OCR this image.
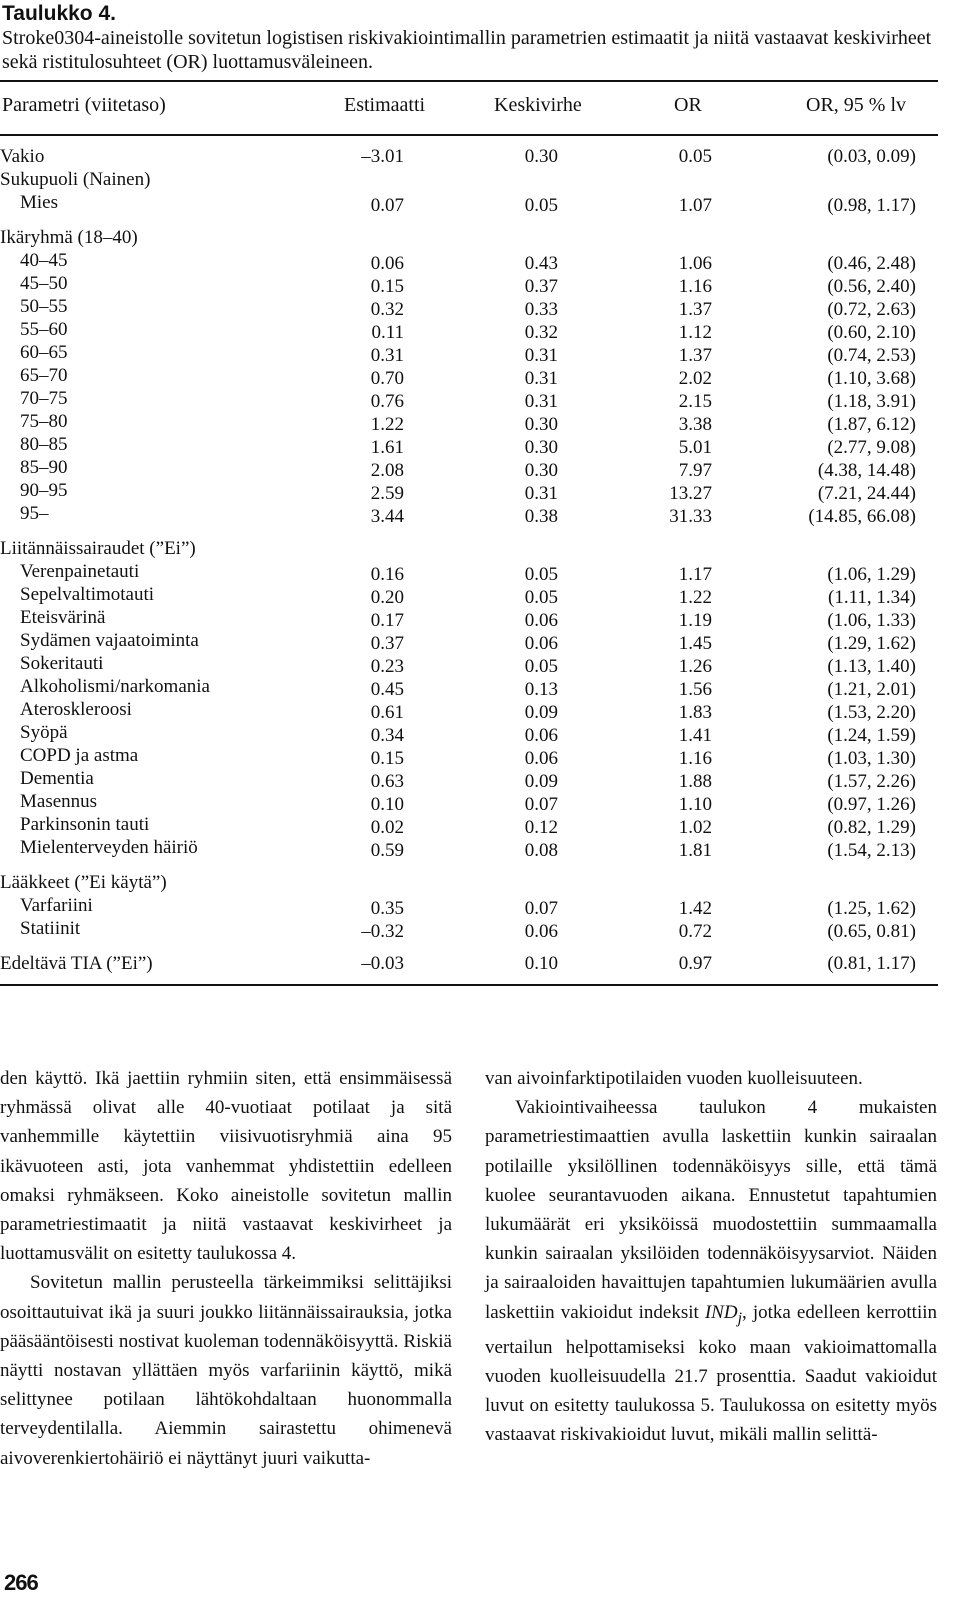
Taulukko 4.
Stroke0304-aineistolle sovitetun logistisen riskivakiointimallin parametrien estimaatit ja niitä vastaavat keskivirheet sekä ristitulosuhteet (OR) luottamusväleineen.
Parametri (viitetaso)	Estimaatti	Keskivirhe	OR	OR, 95 % lv
Vakio	–3.01	0.30	0.05	(0.03, 0.09)
Sukupuoli (Nainen)
Mies	0.07	0.05	1.07	(0.98, 1.17)
Ikäryhmä (18–40)
40–45	0.06	0.43	1.06	(0.46, 2.48)
45–50	0.15	0.37	1.16	(0.56, 2.40)
50–55	0.32	0.33	1.37	(0.72, 2.63)
55–60	0.11	0.32	1.12	(0.60, 2.10)
60–65	0.31	0.31	1.37	(0.74, 2.53)
65–70	0.70	0.31	2.02	(1.10, 3.68)
70–75	0.76	0.31	2.15	(1.18, 3.91)
75–80	1.22	0.30	3.38	(1.87, 6.12)
80–85	1.61	0.30	5.01	(2.77, 9.08)
85–90	2.08	0.30	7.97	(4.38, 14.48)
90–95	2.59	0.31	13.27	(7.21, 24.44)
95–	3.44	0.38	31.33	(14.85, 66.08)
Liitännäissairaudet (”Ei”)
Verenpainetauti	0.16	0.05	1.17	(1.06, 1.29)
Sepelvaltimotauti	0.20	0.05	1.22	(1.11, 1.34)
Eteisvärinä	0.17	0.06	1.19	(1.06, 1.33)
Sydämen vajaatoiminta	0.37	0.06	1.45	(1.29, 1.62)
Sokeritauti	0.23	0.05	1.26	(1.13, 1.40)
Alkoholismi/narkomania	0.45	0.13	1.56	(1.21, 2.01)
Ateroskleroosi	0.61	0.09	1.83	(1.53, 2.20)
Syöpä	0.34	0.06	1.41	(1.24, 1.59)
COPD ja astma	0.15	0.06	1.16	(1.03, 1.30)
Dementia	0.63	0.09	1.88	(1.57, 2.26)
Masennus	0.10	0.07	1.10	(0.97, 1.26)
Parkinsonin tauti	0.02	0.12	1.02	(0.82, 1.29)
Mielenterveyden häiriö	0.59	0.08	1.81	(1.54, 2.13)
Lääkkeet (”Ei käytä”)
Varfariini	0.35	0.07	1.42	(1.25, 1.62)
Statiinit	–0.32	0.06	0.72	(0.65, 0.81)
Edeltävä TIA (”Ei”)	–0.03	0.10	0.97	(0.81, 1.17)

den käyttö. Ikä jaettiin ryhmiin siten, että ensimmäisessä ryhmässä olivat alle 40-vuotiaat potilaat ja sitä vanhemmille käytettiin viisivuotisryhmiä aina 95 ikävuoteen asti, jota vanhemmat yhdistettiin edelleen omaksi ryhmäkseen. Koko aineistolle sovitetun mallin parametriestimaatit ja niitä vastaavat keskivirheet ja luottamusvälit on esitetty taulukossa 4.

Sovitetun mallin perusteella tärkeimmiksi selittäjiksi osoittautuivat ikä ja suuri joukko liitännäissairauksia, jotka pääsääntöisesti nostivat kuoleman todennäköisyyttä. Riskiä näytti nostavan yllättäen myös varfariinin käyttö, mikä selittynee potilaan lähtökohdaltaan huonommalla terveydentilalla. Aiemmin sairastettu ohimenevä aivoverenkiertohäiriö ei näyttänyt juuri vaikutta-

van aivoinfarktipotilaiden vuoden kuolleisuuteen.

Vakiointivaiheessa taulukon 4 mukaisten parametriestimaattien avulla laskettiin kunkin sairaalan potilaille yksilöllinen todennäköisyys sille, että tämä kuolee seurantavuoden aikana. Ennustetut tapahtumien lukumäärät eri yksiköissä muodostettiin summaamalla kunkin sairaalan yksilöiden todennäköisyysarviot. Näiden ja sairaaloiden havaittujen tapahtumien lukumäärien avulla laskettiin vakioidut indeksit $IND_j$, jotka edelleen kerrottiin vertailun helpottamiseksi koko maan vakioimattomalla vuoden kuolleisuudella 21.7 prosenttia. Saadut vakioidut luvut on esitetty taulukossa 5. Taulukossa on esitetty myös vastaavat riskivakioidut luvut, mikäli mallin selittä-

266
